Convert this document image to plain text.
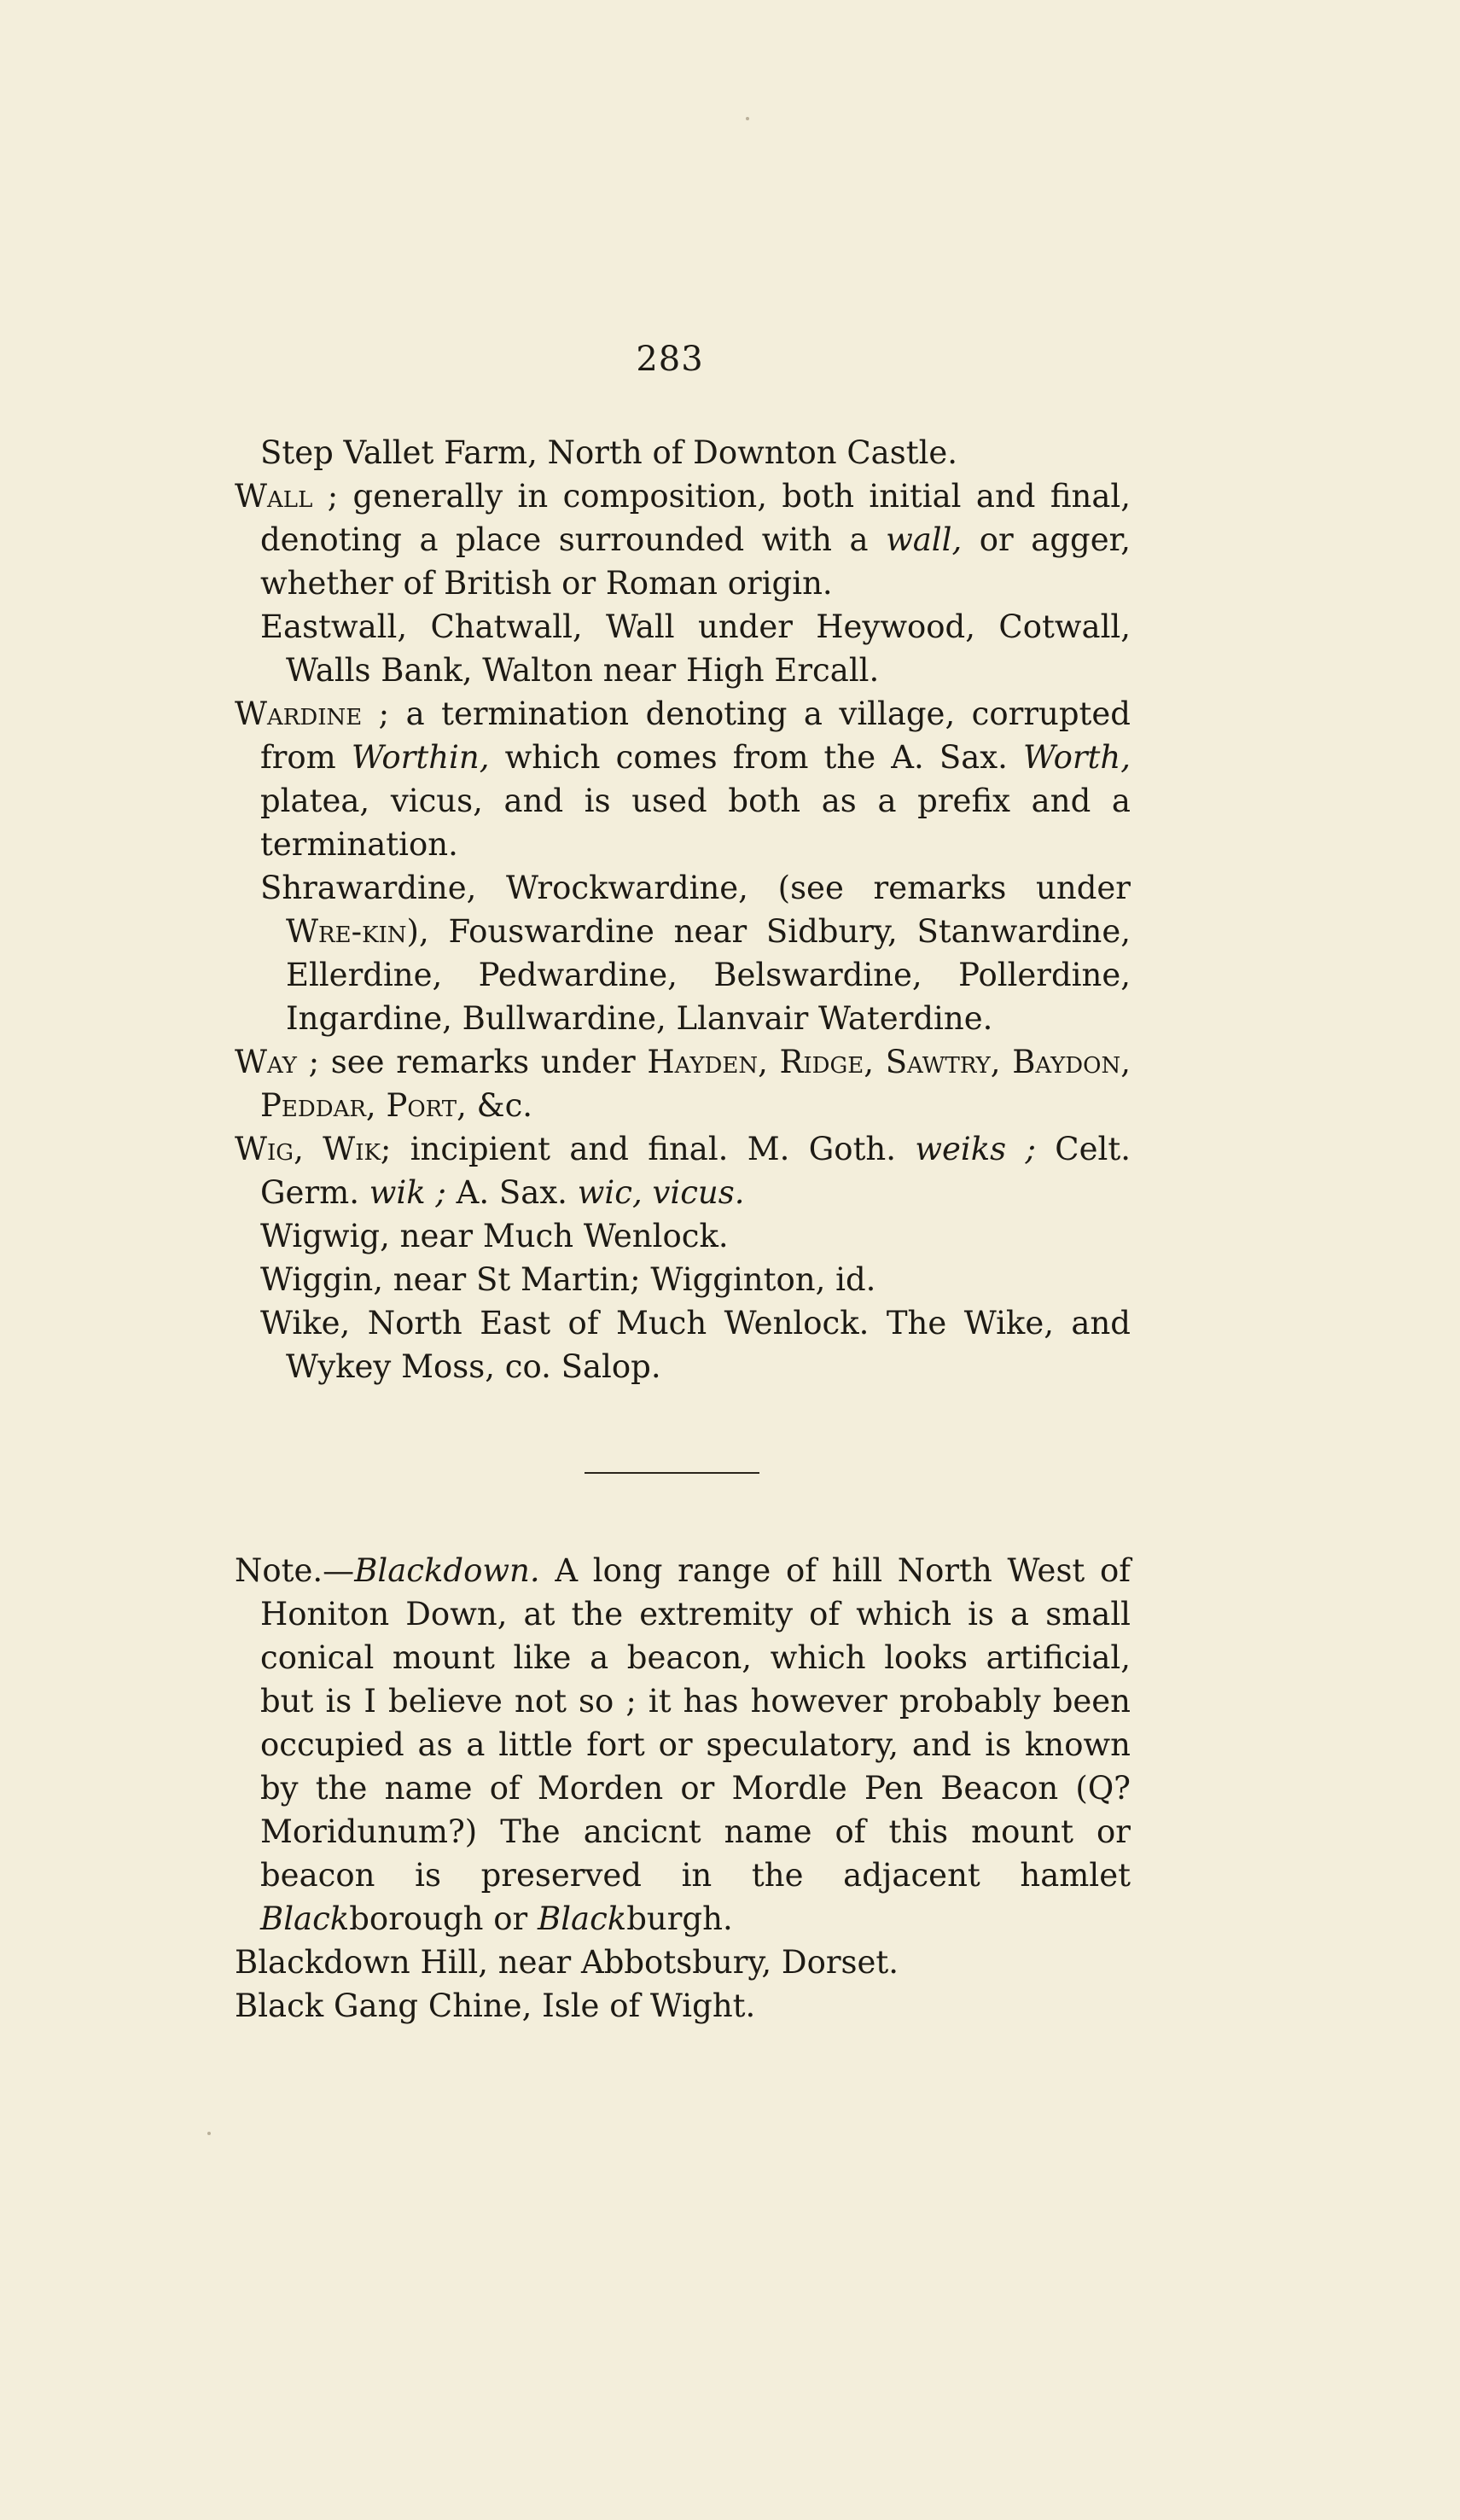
283

Step Vallet Farm, North of Downton Castle.

Wall ; generally in composition, both initial and final, denoting a place surrounded with a wall, or agger, whether of British or Roman origin.

Eastwall, Chatwall, Wall under Heywood, Cotwall, Walls Bank, Walton near High Ercall.

Wardine ; a termination denoting a village, corrupted from Worthin, which comes from the A. Sax. Worth, platea, vicus, and is used both as a prefix and a termination.

Shrawardine, Wrockwardine, (see remarks under Wre-kin), Fouswardine near Sidbury, Stanwardine, Ellerdine, Pedwardine, Belswardine, Pollerdine, Ingardine, Bullwardine, Llanvair Waterdine.

Way ; see remarks under Hayden, Ridge, Sawtry, Baydon, Peddar, Port, &c.

Wig, Wik; incipient and final. M. Goth. weiks ; Celt. Germ. wik ; A. Sax. wic, vicus.

Wigwig, near Much Wenlock.

Wiggin, near St Martin; Wigginton, id.

Wike, North East of Much Wenlock. The Wike, and Wykey Moss, co. Salop.

Note.—Blackdown. A long range of hill North West of Honiton Down, at the extremity of which is a small conical mount like a beacon, which looks artificial, but is I believe not so ; it has however probably been occupied as a little fort or speculatory, and is known by the name of Morden or Mordle Pen Beacon (Q? Moridunum?) The ancicnt name of this mount or beacon is preserved in the adjacent hamlet Blackborough or Blackburgh.

Blackdown Hill, near Abbotsbury, Dorset.

Black Gang Chine, Isle of Wight.
